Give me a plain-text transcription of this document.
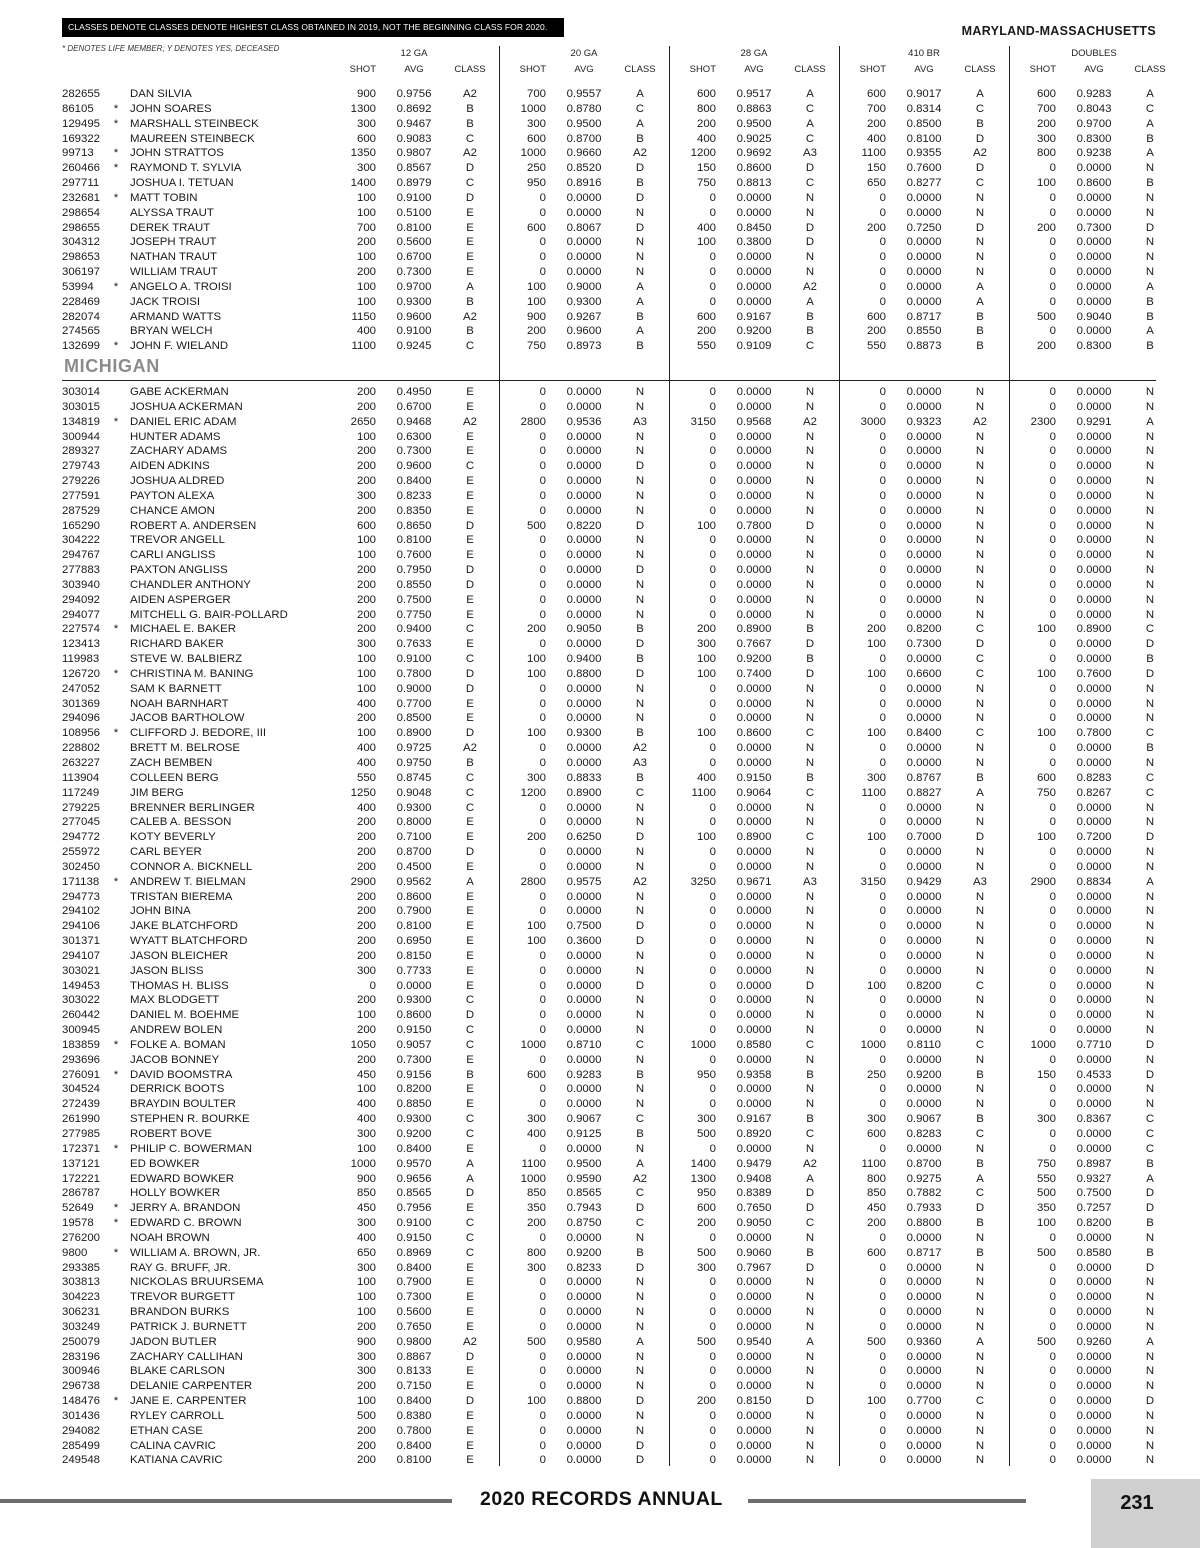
CLASSES DENOTE CLASSES DENOTE HIGHEST CLASS OBTAINED IN 2019, NOT THE BEGINNING CLASS FOR 2020.	MARYLAND-MASSACHUSETTS
* DENOTES LIFE MEMBER; Y DENOTES YES, DECEASED	12 GA
SHOT	AVG	CLASS
20 GA
SHOT	AVG	CLASS
28 GA
SHOT	AVG	CLASS
410 BR
SHOT	AVG	CLASS
DOUBLES
SHOT	AVG	CLASS
MICHIGAN
282655	DAN SILVIA	900	0.9756	A2	700	0.9557	A	600	0.9517	A	600	0.9017	A	600	0.9283	A
86105 * JOHN SOARES	1300	0.8692	B	1000	0.8780	C	800	0.8863	C	700	0.8314	C	700	0.8043	C
129495 * MARSHALL STEINBECK	300	0.9467	B	300	0.9500	A	200	0.9500	A	200	0.8500	B	200	0.9700	A
169322	MAUREEN STEINBECK	600	0.9083	C	600	0.8700	B	400	0.9025	C	400	0.8100	D	300	0.8300	B
99713 * JOHN STRATTOS	1350	0.9807	A2	1000	0.9660	A2	1200	0.9692	A3	1100	0.9355	A2	800	0.9238	A
260466 * RAYMOND T. SYLVIA	300	0.8567	D	250	0.8520	D	150	0.8600	D	150	0.7600	D	0	0.0000	N
297711	JOSHUA I. TETUAN	1400	0.8979	C	950	0.8916	B	750	0.8813	C	650	0.8277	C	100	0.8600	B
232681 * MATT TOBIN	100	0.9100	D	0	0.0000	D	0	0.0000	N	0	0.0000	N	0	0.0000	N
298654	ALYSSA TRAUT	100	0.5100	E	0	0.0000	N	0	0.0000	N	0	0.0000	N	0	0.0000	N
298655	DEREK TRAUT	700	0.8100	E	600	0.8067	D	400	0.8450	D	200	0.7250	D	200	0.7300	D
304312	JOSEPH TRAUT	200	0.5600	E	0	0.0000	N	100	0.3800	D	0	0.0000	N	0	0.0000	N
298653	NATHAN TRAUT	100	0.6700	E	0	0.0000	N	0	0.0000	N	0	0.0000	N	0	0.0000	N
306197	WILLIAM TRAUT	200	0.7300	E	0	0.0000	N	0	0.0000	N	0	0.0000	N	0	0.0000	N
53994 * ANGELO A. TROISI	100	0.9700	A	100	0.9000	A	0	0.0000	A2	0	0.0000	A	0	0.0000	A
228469	JACK TROISI	100	0.9300	B	100	0.9300	A	0	0.0000	A	0	0.0000	A	0	0.0000	B
282074	ARMAND WATTS	1150	0.9600	A2	900	0.9267	B	600	0.9167	B	600	0.8717	B	500	0.9040	B
274565	BRYAN WELCH	400	0.9100	B	200	0.9600	A	200	0.9200	B	200	0.8550	B	0	0.0000	A
132699 * JOHN F. WIELAND	1100	0.9245	C	750	0.8973	B	550	0.9109	C	550	0.8873	B	200	0.8300	B
303014	GABE ACKERMAN	200	0.4950	E	0	0.0000	N	0	0.0000	N	0	0.0000	N	0	0.0000	N
303015	JOSHUA ACKERMAN	200	0.6700	E	0	0.0000	N	0	0.0000	N	0	0.0000	N	0	0.0000	N
134819 * DANIEL ERIC ADAM	2650	0.9468	A2	2800	0.9536	A3	3150	0.9568	A2	3000	0.9323	A2	2300	0.9291	A
300944	HUNTER ADAMS	100	0.6300	E	0	0.0000	N	0	0.0000	N	0	0.0000	N	0	0.0000	N
289327	ZACHARY ADAMS	200	0.7300	E	0	0.0000	N	0	0.0000	N	0	0.0000	N	0	0.0000	N
279743	AIDEN ADKINS	200	0.9600	C	0	0.0000	D	0	0.0000	N	0	0.0000	N	0	0.0000	N
279226	JOSHUA ALDRED	200	0.8400	E	0	0.0000	N	0	0.0000	N	0	0.0000	N	0	0.0000	N
277591	PAYTON ALEXA	300	0.8233	E	0	0.0000	N	0	0.0000	N	0	0.0000	N	0	0.0000	N
287529	CHANCE AMON	200	0.8350	E	0	0.0000	N	0	0.0000	N	0	0.0000	N	0	0.0000	N
165290	ROBERT A. ANDERSEN	600	0.8650	D	500	0.8220	D	100	0.7800	D	0	0.0000	N	0	0.0000	N
304222	TREVOR ANGELL	100	0.8100	E	0	0.0000	N	0	0.0000	N	0	0.0000	N	0	0.0000	N
294767	CARLI ANGLISS	100	0.7600	E	0	0.0000	N	0	0.0000	N	0	0.0000	N	0	0.0000	N
277883	PAXTON ANGLISS	200	0.7950	D	0	0.0000	D	0	0.0000	N	0	0.0000	N	0	0.0000	N
303940	CHANDLER ANTHONY	200	0.8550	D	0	0.0000	N	0	0.0000	N	0	0.0000	N	0	0.0000	N
294092	AIDEN ASPERGER	200	0.7500	E	0	0.0000	N	0	0.0000	N	0	0.0000	N	0	0.0000	N
294077	MITCHELL G. BAIR-POLLARD	200	0.7750	E	0	0.0000	N	0	0.0000	N	0	0.0000	N	0	0.0000	N
227574 * MICHAEL E. BAKER	200	0.9400	C	200	0.9050	B	200	0.8900	B	200	0.8200	C	100	0.8900	C
123413	RICHARD BAKER	300	0.7633	E	0	0.0000	D	300	0.7667	D	100	0.7300	D	0	0.0000	D
119983	STEVE W. BALBIERZ	100	0.9100	C	100	0.9400	B	100	0.9200	B	0	0.0000	C	0	0.0000	B
126720 * CHRISTINA M. BANING	100	0.7800	D	100	0.8800	D	100	0.7400	D	100	0.6600	C	100	0.7600	D
247052	SAM K BARNETT	100	0.9000	D	0	0.0000	N	0	0.0000	N	0	0.0000	N	0	0.0000	N
301369	NOAH BARNHART	400	0.7700	E	0	0.0000	N	0	0.0000	N	0	0.0000	N	0	0.0000	N
294096	JACOB BARTHOLOW	200	0.8500	E	0	0.0000	N	0	0.0000	N	0	0.0000	N	0	0.0000	N
108956 * CLIFFORD J. BEDORE, III	100	0.8900	D	100	0.9300	B	100	0.8600	C	100	0.8400	C	100	0.7800	C
228802	BRETT M. BELROSE	400	0.9725	A2	0	0.0000	A2	0	0.0000	N	0	0.0000	N	0	0.0000	B
263227	ZACH BEMBEN	400	0.9750	B	0	0.0000	A3	0	0.0000	N	0	0.0000	N	0	0.0000	N
113904	COLLEEN BERG	550	0.8745	C	300	0.8833	B	400	0.9150	B	300	0.8767	B	600	0.8283	C
117249	JIM BERG	1250	0.9048	C	1200	0.8900	C	1100	0.9064	C	1100	0.8827	A	750	0.8267	C
279225	BRENNER BERLINGER	400	0.9300	C	0	0.0000	N	0	0.0000	N	0	0.0000	N	0	0.0000	N
277045	CALEB A. BESSON	200	0.8000	E	0	0.0000	N	0	0.0000	N	0	0.0000	N	0	0.0000	N
294772	KOTY BEVERLY	200	0.7100	E	200	0.6250	D	100	0.8900	C	100	0.7000	D	100	0.7200	D
255972	CARL BEYER	200	0.8700	D	0	0.0000	N	0	0.0000	N	0	0.0000	N	0	0.0000	N
302450	CONNOR A. BICKNELL	200	0.4500	E	0	0.0000	N	0	0.0000	N	0	0.0000	N	0	0.0000	N
171138 * ANDREW T. BIELMAN	2900	0.9562	A	2800	0.9575	A2	3250	0.9671	A3	3150	0.9429	A3	2900	0.8834	A
294773	TRISTAN BIEREMA	200	0.8600	E	0	0.0000	N	0	0.0000	N	0	0.0000	N	0	0.0000	N
294102	JOHN BINA	200	0.7900	E	0	0.0000	N	0	0.0000	N	0	0.0000	N	0	0.0000	N
294106	JAKE BLATCHFORD	200	0.8100	E	100	0.7500	D	0	0.0000	N	0	0.0000	N	0	0.0000	N
301371	WYATT BLATCHFORD	200	0.6950	E	100	0.3600	D	0	0.0000	N	0	0.0000	N	0	0.0000	N
294107	JASON BLEICHER	200	0.8150	E	0	0.0000	N	0	0.0000	N	0	0.0000	N	0	0.0000	N
303021	JASON BLISS	300	0.7733	E	0	0.0000	N	0	0.0000	N	0	0.0000	N	0	0.0000	N
149453	THOMAS H. BLISS	0	0.0000	E	0	0.0000	D	0	0.0000	D	100	0.8200	C	0	0.0000	N
303022	MAX BLODGETT	200	0.9300	C	0	0.0000	N	0	0.0000	N	0	0.0000	N	0	0.0000	N
260442	DANIEL M. BOEHME	100	0.8600	D	0	0.0000	N	0	0.0000	N	0	0.0000	N	0	0.0000	N
300945	ANDREW BOLEN	200	0.9150	C	0	0.0000	N	0	0.0000	N	0	0.0000	N	0	0.0000	N
183859 * FOLKE A. BOMAN	1050	0.9057	C	1000	0.8710	C	1000	0.8580	C	1000	0.8110	C	1000	0.7710	D
293696	JACOB BONNEY	200	0.7300	E	0	0.0000	N	0	0.0000	N	0	0.0000	N	0	0.0000	N
276091 * DAVID BOOMSTRA	450	0.9156	B	600	0.9283	B	950	0.9358	B	250	0.9200	B	150	0.4533	D
304524	DERRICK BOOTS	100	0.8200	E	0	0.0000	N	0	0.0000	N	0	0.0000	N	0	0.0000	N
272439	BRAYDIN BOULTER	400	0.8850	E	0	0.0000	N	0	0.0000	N	0	0.0000	N	0	0.0000	N
261990	STEPHEN R. BOURKE	400	0.9300	C	300	0.9067	C	300	0.9167	B	300	0.9067	B	300	0.8367	C
277985	ROBERT BOVE	300	0.9200	C	400	0.9125	B	500	0.8920	C	600	0.8283	C	0	0.0000	C
172371 * PHILIP C. BOWERMAN	100	0.8400	E	0	0.0000	N	0	0.0000	N	0	0.0000	N	0	0.0000	C
137121	ED BOWKER	1000	0.9570	A	1100	0.9500	A	1400	0.9479	A2	1100	0.8700	B	750	0.8987	B
172221	EDWARD BOWKER	900	0.9656	A	1000	0.9590	A2	1300	0.9408	A	800	0.9275	A	550	0.9327	A
286787	HOLLY BOWKER	850	0.8565	D	850	0.8565	C	950	0.8389	D	850	0.7882	C	500	0.7500	D
52649 * JERRY A. BRANDON	450	0.7956	E	350	0.7943	D	600	0.7650	D	450	0.7933	D	350	0.7257	D
19578 * EDWARD C. BROWN	300	0.9100	C	200	0.8750	C	200	0.9050	C	200	0.8800	B	100	0.8200	B
276200	NOAH BROWN	400	0.9150	C	0	0.0000	N	0	0.0000	N	0	0.0000	N	0	0.0000	N
9800 * WILLIAM A. BROWN, JR.	650	0.8969	C	800	0.9200	B	500	0.9060	B	600	0.8717	B	500	0.8580	B
293385	RAY G. BRUFF, JR.	300	0.8400	E	300	0.8233	D	300	0.7967	D	0	0.0000	N	0	0.0000	D
303813	NICKOLAS BRUURSEMA	100	0.7900	E	0	0.0000	N	0	0.0000	N	0	0.0000	N	0	0.0000	N
304223	TREVOR BURGETT	100	0.7300	E	0	0.0000	N	0	0.0000	N	0	0.0000	N	0	0.0000	N
306231	BRANDON BURKS	100	0.5600	E	0	0.0000	N	0	0.0000	N	0	0.0000	N	0	0.0000	N
303249	PATRICK J. BURNETT	200	0.7650	E	0	0.0000	N	0	0.0000	N	0	0.0000	N	0	0.0000	N
250079	JADON BUTLER	900	0.9800	A2	500	0.9580	A	500	0.9540	A	500	0.9360	A	500	0.9260	A
283196	ZACHARY CALLIHAN	300	0.8867	D	0	0.0000	N	0	0.0000	N	0	0.0000	N	0	0.0000	N
300946	BLAKE CARLSON	300	0.8133	E	0	0.0000	N	0	0.0000	N	0	0.0000	N	0	0.0000	N
296738	DELANIE CARPENTER	200	0.7150	E	0	0.0000	N	0	0.0000	N	0	0.0000	N	0	0.0000	N
148476 * JANE E. CARPENTER	100	0.8400	D	100	0.8800	D	200	0.8150	D	100	0.7700	C	0	0.0000	D
301436	RYLEY CARROLL	500	0.8380	E	0	0.0000	N	0	0.0000	N	0	0.0000	N	0	0.0000	N
294082	ETHAN CASE	200	0.7800	E	0	0.0000	N	0	0.0000	N	0	0.0000	N	0	0.0000	N
285499	CALINA CAVRIC	200	0.8400	E	0	0.0000	D	0	0.0000	N	0	0.0000	N	0	0.0000	N
249548	KATIANA CAVRIC	200	0.8100	E	0	0.0000	D	0	0.0000	N	0	0.0000	N	0	0.0000	N
2020 RECORDS ANNUAL	231
